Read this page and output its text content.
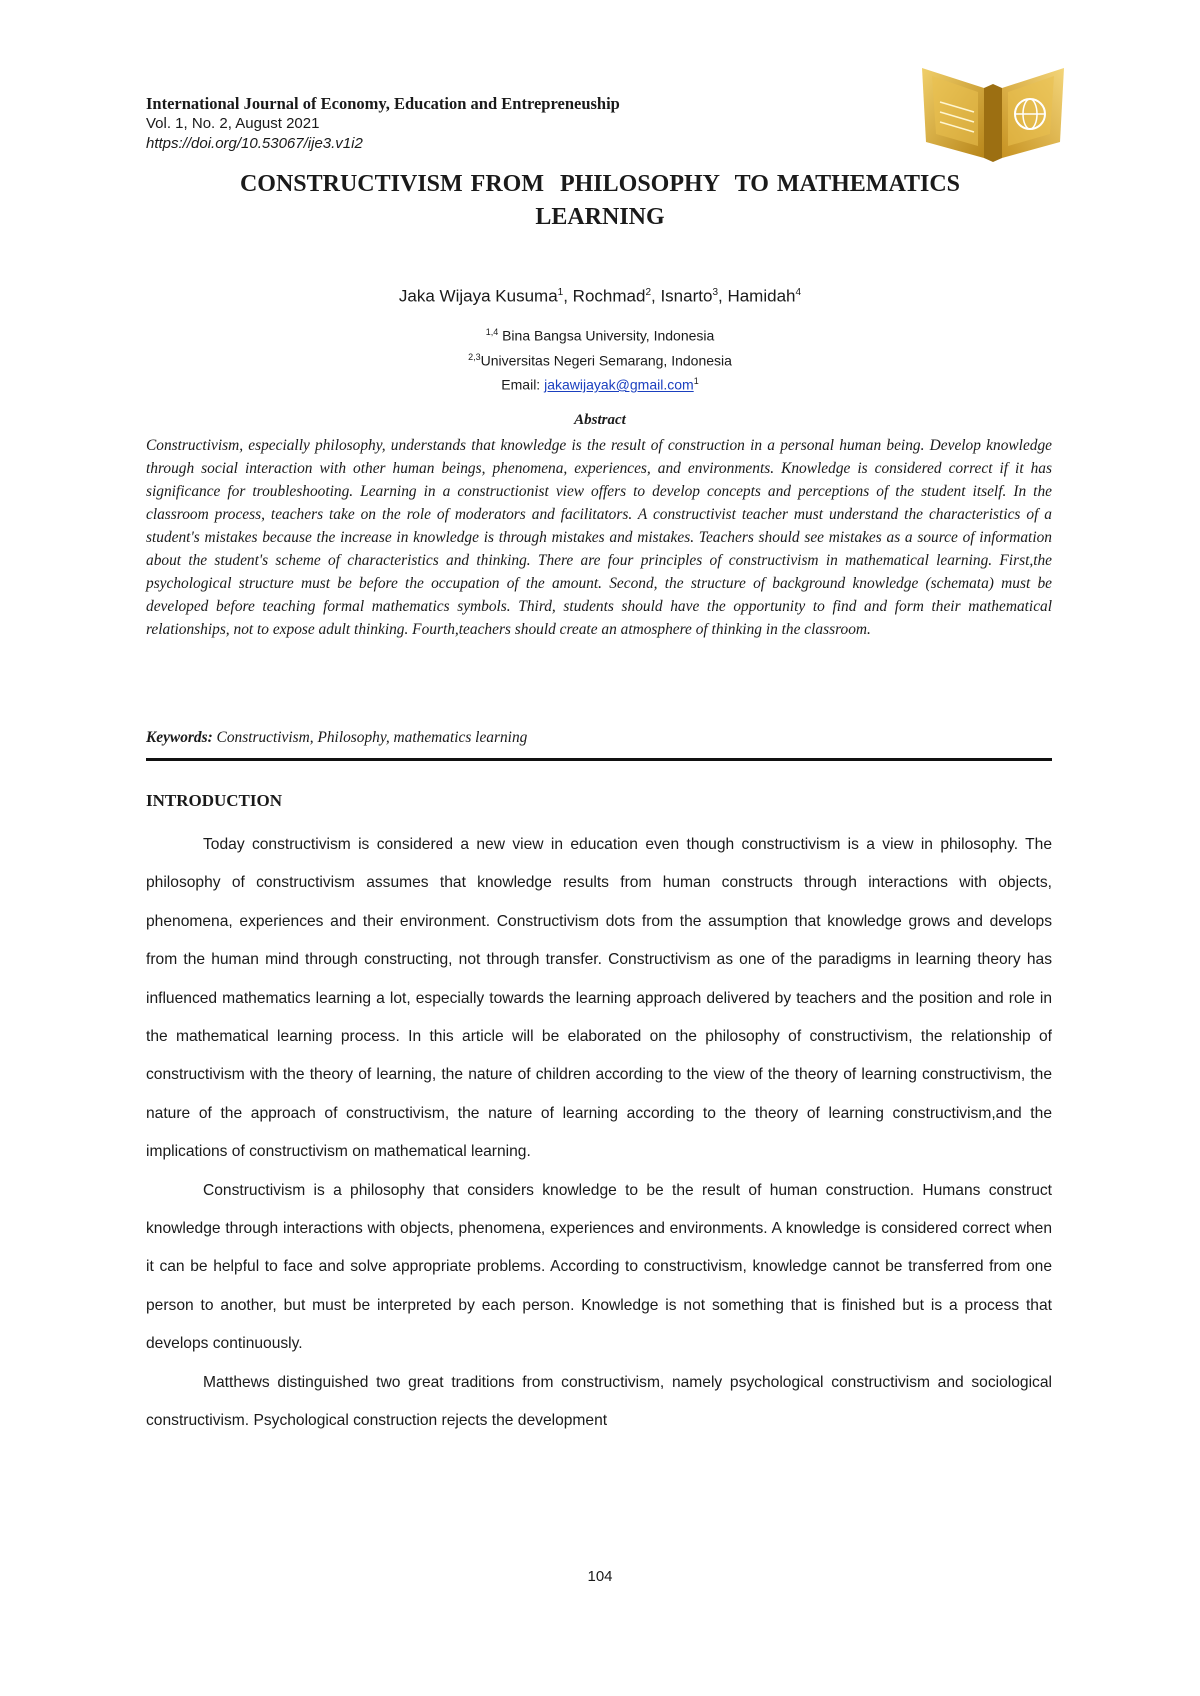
International Journal of Economy, Education and Entrepreneuship
Vol. 1, No. 2, August 2021
https://doi.org/10.53067/ije3.v1i2
CONSTRUCTIVISM FROM  PHILOSOPHY  TO MATHEMATICS
LEARNING
Jaka Wijaya Kusuma$^1$, Rochmad$^2$, Isnarto$^3$, Hamidah$^4$
$^{1,4}$ Bina Bangsa University, Indonesia
$^{2,3}$Universitas Negeri Semarang, Indonesia
Email: jakawijayak@gmail.com$^1$
Abstract
Constructivism, especially philosophy, understands that knowledge is the result of construction in a personal human being. Develop knowledge through social interaction with other human beings, phenomena, experiences, and environments. Knowledge is considered correct if it has significance for troubleshooting. Learning in a constructionist view offers to develop concepts and perceptions of the student itself. In the classroom process, teachers take on the role of moderators and facilitators. A constructivist teacher must understand the characteristics of a student's mistakes because the increase in knowledge is through mistakes and mistakes. Teachers should see mistakes as a source of information about the student's scheme of characteristics and thinking. There are four principles of constructivism in mathematical learning. First,the psychological structure must be before the occupation of the amount. Second, the structure of background knowledge (schemata) must be developed before teaching formal mathematics symbols. Third, students should have the opportunity to find and form their mathematical relationships, not to expose adult thinking. Fourth,teachers should create an atmosphere of thinking in the classroom.
Keywords: Constructivism, Philosophy, mathematics learning
INTRODUCTION

Today constructivism is considered a new view in education even though constructivism is a view in philosophy. The philosophy of constructivism assumes that knowledge results from human constructs through interactions with objects, phenomena, experiences and their environment. Constructivism dots from the assumption that knowledge grows and develops from the human mind through constructing, not through transfer. Constructivism as one of the paradigms in learning theory has influenced mathematics learning a lot, especially towards the learning approach delivered by teachers and the position and role in the mathematical learning process. In this article will be elaborated on the philosophy of constructivism, the relationship of constructivism with the theory of learning, the nature of children according to the view of the theory of learning constructivism, the nature of the approach of constructivism, the nature of learning according to the theory of learning constructivism,and the implications of constructivism on mathematical learning.

Constructivism is a philosophy that considers knowledge to be the result of human construction. Humans construct knowledge through interactions with objects, phenomena, experiences and environments. A knowledge is considered correct when it can be helpful to face and solve appropriate problems. According to constructivism, knowledge cannot be transferred from one person to another, but must be interpreted by each person. Knowledge is not something that is finished but is a process that develops continuously.

Matthews distinguished two great traditions from constructivism, namely psychological constructivism and sociological constructivism. Psychological construction rejects the development

104
